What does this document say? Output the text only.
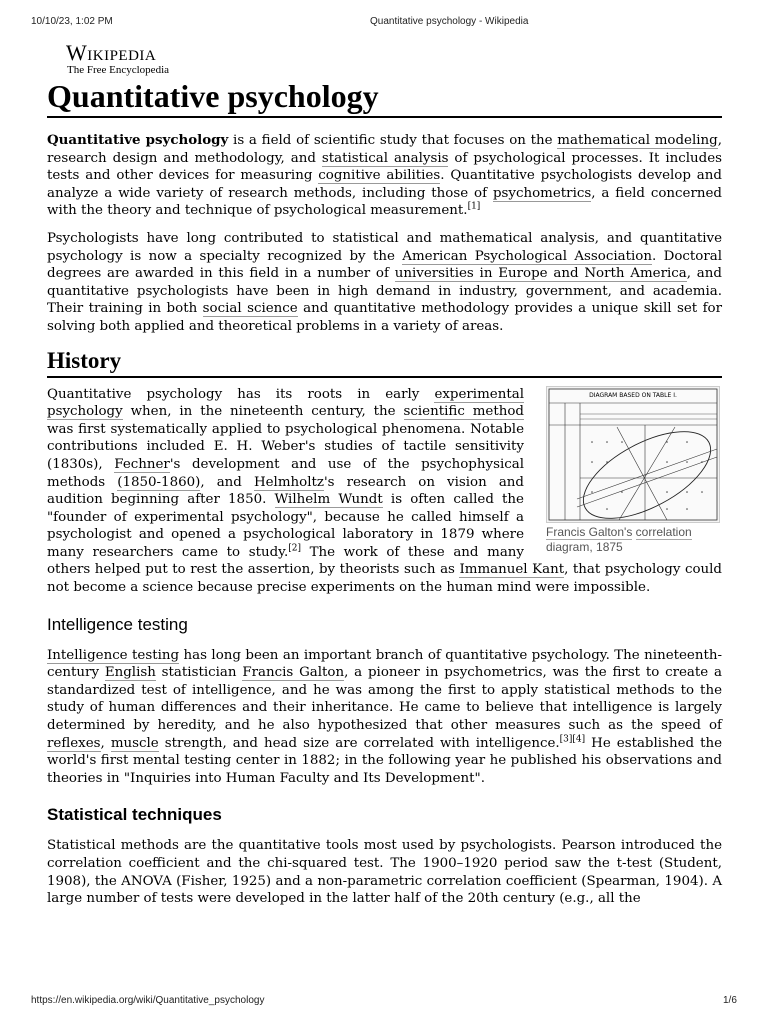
10/10/23, 1:02 PM	Quantitative psychology - Wikipedia
Wikipedia
The Free Encyclopedia
Quantitative psychology

Quantitative psychology is a field of scientific study that focuses on the mathematical modeling, research design and methodology, and statistical analysis of psychological processes. It includes tests and other devices for measuring cognitive abilities. Quantitative psychologists develop and analyze a wide variety of research methods, including those of psychometrics, a field concerned with the theory and technique of psychological measurement.[1]

Psychologists have long contributed to statistical and mathematical analysis, and quantitative psychology is now a specialty recognized by the American Psychological Association. Doctoral degrees are awarded in this field in a number of universities in Europe and North America, and quantitative psychologists have been in high demand in industry, government, and academia. Their training in both social science and quantitative methodology provides a unique skill set for solving both applied and theoretical problems in a variety of areas.

History
DIAGRAM BASED ON TABLE I.
Francis Galton's correlation diagram, 1875

Quantitative psychology has its roots in early experimental psychology when, in the nineteenth century, the scientific method was first systematically applied to psychological phenomena. Notable contributions included E. H. Weber's studies of tactile sensitivity (1830s), Fechner's development and use of the psychophysical methods (1850-1860), and Helmholtz's research on vision and audition beginning after 1850. Wilhelm Wundt is often called the "founder of experimental psychology", because he called himself a psychologist and opened a psychological laboratory in 1879 where many researchers came to study.[2] The work of these and many others helped put to rest the assertion, by theorists such as Immanuel Kant, that psychology could not become a science because precise experiments on the human mind were impossible.

Intelligence testing

Intelligence testing has long been an important branch of quantitative psychology. The nineteenth-century English statistician Francis Galton, a pioneer in psychometrics, was the first to create a standardized test of intelligence, and he was among the first to apply statistical methods to the study of human differences and their inheritance. He came to believe that intelligence is largely determined by heredity, and he also hypothesized that other measures such as the speed of reflexes, muscle strength, and head size are correlated with intelligence.[3][4] He established the world's first mental testing center in 1882; in the following year he published his observations and theories in "Inquiries into Human Faculty and Its Development".

Statistical techniques

Statistical methods are the quantitative tools most used by psychologists. Pearson introduced the correlation coefficient and the chi-squared test. The 1900–1920 period saw the t-test (Student, 1908), the ANOVA (Fisher, 1925) and a non-parametric correlation coefficient (Spearman, 1904). A large number of tests were developed in the latter half of the 20th century (e.g., all the

https://en.wikipedia.org/wiki/Quantitative_psychology	1/6
